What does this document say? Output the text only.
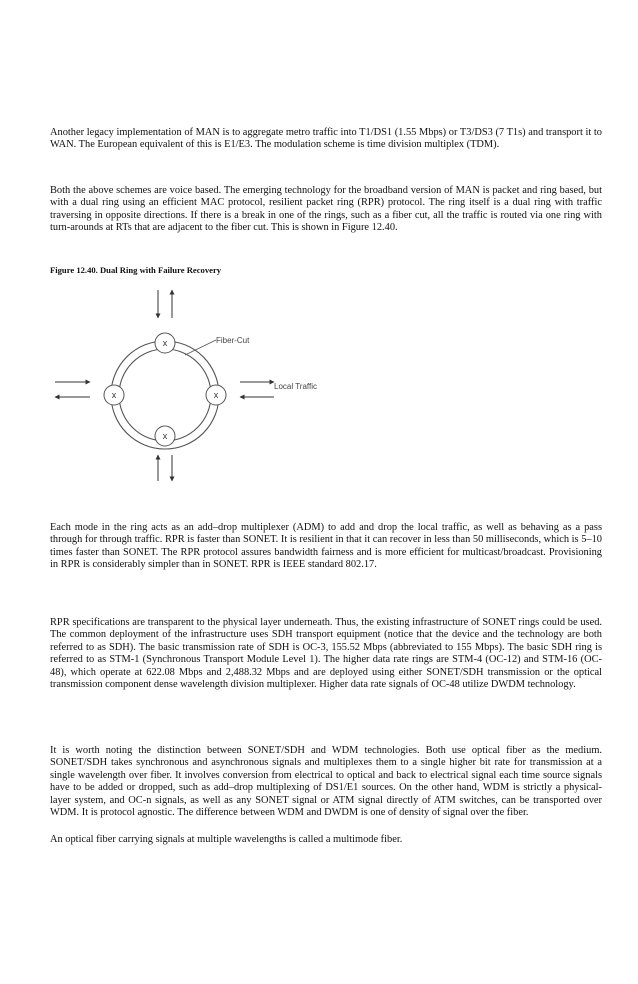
Another legacy implementation of MAN is to aggregate metro traffic into T1/DS1 (1.55 Mbps) or T3/DS3 (7 T1s) and transport it to WAN. The European equivalent of this is E1/E3. The modulation scheme is time division multiplex (TDM).

Both the above schemes are voice based. The emerging technology for the broadband version of MAN is packet and ring based, but with a dual ring using an efficient MAC protocol, resilient packet ring (RPR) protocol. The ring itself is a dual ring with traffic traversing in opposite directions. If there is a break in one of the rings, such as a fiber cut, all the traffic is routed via one ring with turn-arounds at RTs that are adjacent to the fiber cut. This is shown in Figure 12.40.

Figure 12.40. Dual Ring with Failure Recovery

Fiber-Cut
Local Traffic
x
x	x
x

Each mode in the ring acts as an add–drop multiplexer (ADM) to add and drop the local traffic, as well as behaving as a pass through for through traffic. RPR is faster than SONET. It is resilient in that it can recover in less than 50 milliseconds, which is 5–10 times faster than SONET. The RPR protocol assures bandwidth fairness and is more efficient for multicast/broadcast. Provisioning in RPR is considerably simpler than in SONET. RPR is IEEE standard 802.17.

RPR specifications are transparent to the physical layer underneath. Thus, the existing infrastructure of SONET rings could be used. The common deployment of the infrastructure uses SDH transport equipment (notice that the device and the technology are both referred to as SDH). The basic transmission rate of SDH is OC-3, 155.52 Mbps (abbreviated to 155 Mbps). The basic SDH ring is referred to as STM-1 (Synchronous Transport Module Level 1). The higher data rate rings are STM-4 (OC-12) and STM-16 (OC-48), which operate at 622.08 Mbps and 2,488.32 Mbps and are deployed using either SONET/SDH transmission or the optical transmission component dense wavelength division multiplexer. Higher data rate signals of OC-48 utilize DWDM technology.

It is worth noting the distinction between SONET/SDH and WDM technologies. Both use optical fiber as the medium. SONET/SDH takes synchronous and asynchronous signals and multiplexes them to a single higher bit rate for transmission at a single wavelength over fiber. It involves conversion from electrical to optical and back to electrical signal each time source signals have to be added or dropped, such as add–drop multiplexing of DS1/E1 sources. On the other hand, WDM is strictly a physical-layer system, and OC-n signals, as well as any SONET signal or ATM signal directly of ATM switches, can be transported over WDM. It is protocol agnostic. The difference between WDM and DWDM is one of density of signal over the fiber.

An optical fiber carrying signals at multiple wavelengths is called a multimode fiber.
